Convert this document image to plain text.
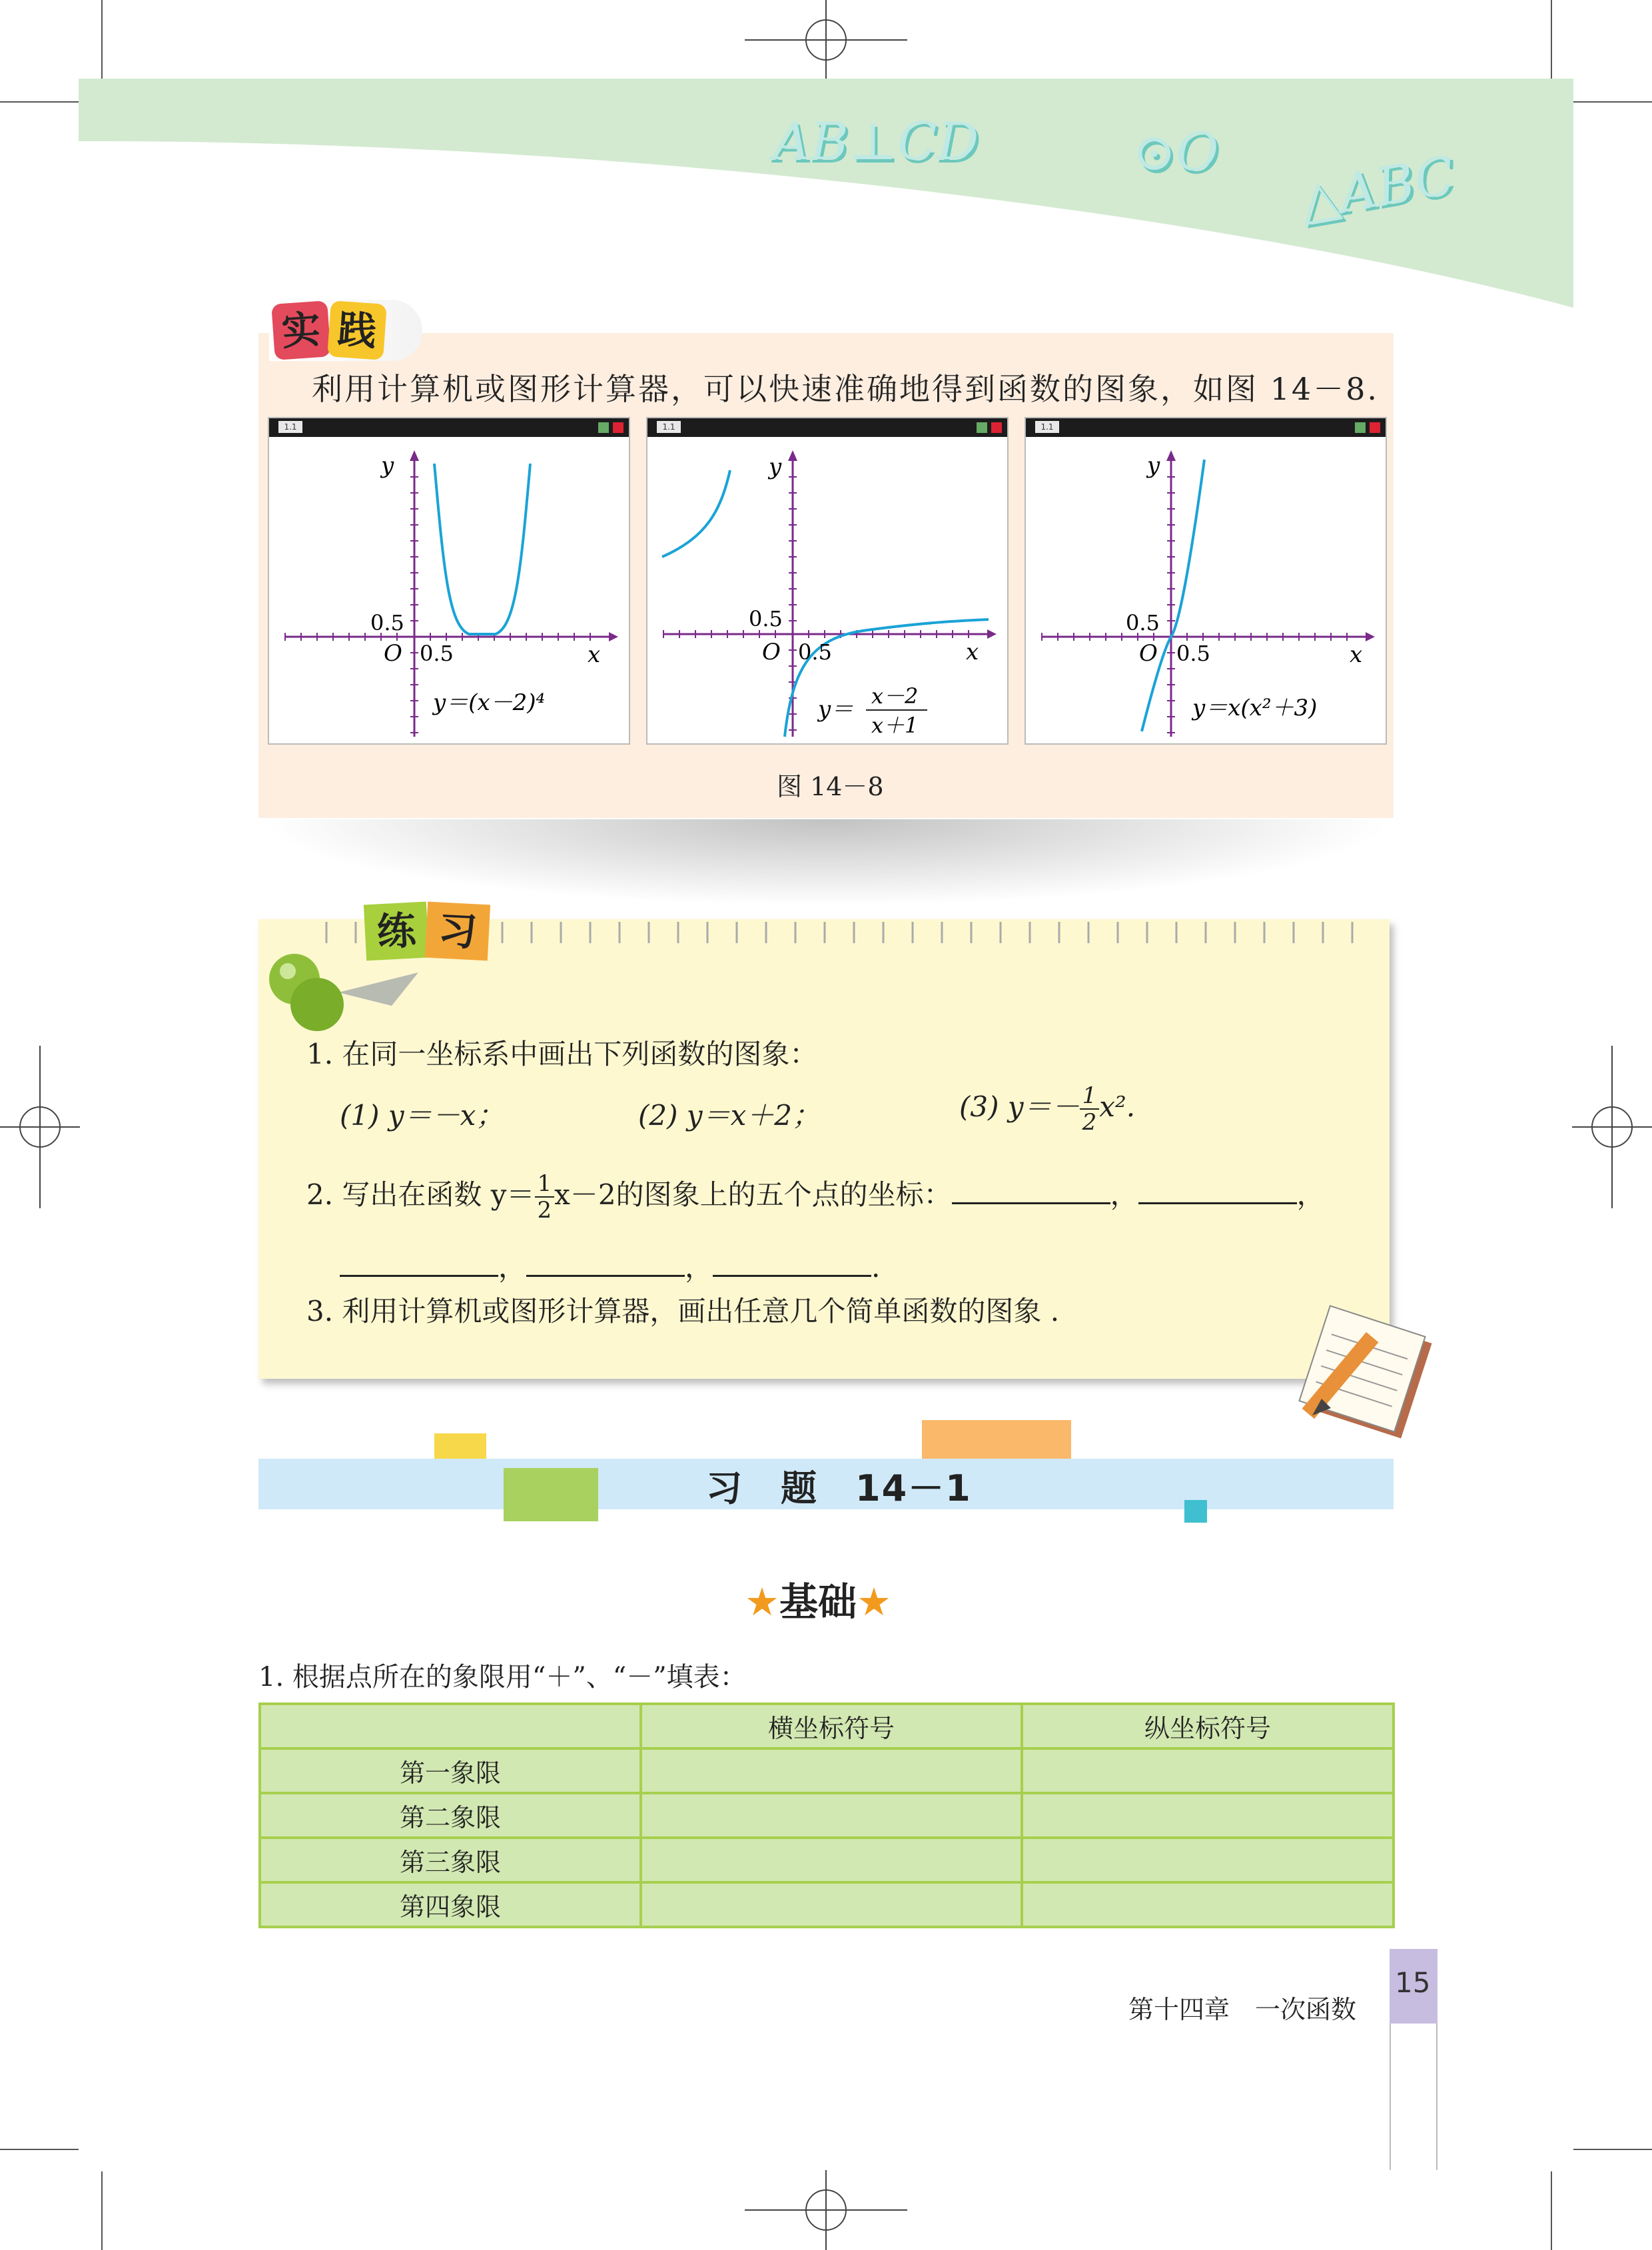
AB⊥CD	⊙O △ABC
实 践
利用计算机或图形计算器，可以快速准确地得到函数的图象，如图 14－8.
1.1
y
x
O
0.5
0.5
y＝(x－2)⁴
1.1
y
x
O
0.5
0.5
y＝ x－2
x＋1
1.1
y
x
O
0.5
0.5
y＝x(x²＋3)
图 14－8
练 习
1. 在同一坐标系中画出下列函数的图象：
(1) y＝－x；	(2) y＝x＋2；	(3) $y=- \frac{1}{2} x^2$.
2. 写出在函数 $y= \frac{1}{2} x-2$的图象上的五个点的坐标：	，	，
，	，	.
3. 利用计算机或图形计算器，画出任意几个简单函数的图象 .
习　题　14－1
★基础★
1. 根据点所在的象限用“＋”、“－”填表：
	横坐标符号	纵坐标符号
第一象限		
第二象限		
第三象限		
第四象限		
第十四章　一次函数
15
